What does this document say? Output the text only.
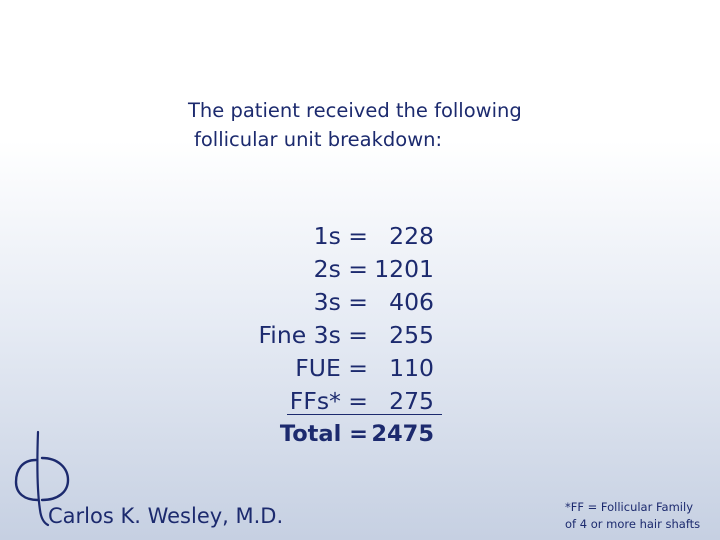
The patient received the following
follicular unit breakdown:
1s = 228
2s = 1201
3s = 406
Fine 3s = 255
FUE = 110
FFs* = 275
Total = 2475
Carlos K. Wesley, M.D.	*FF = Follicular Family
of 4 or more hair shafts
